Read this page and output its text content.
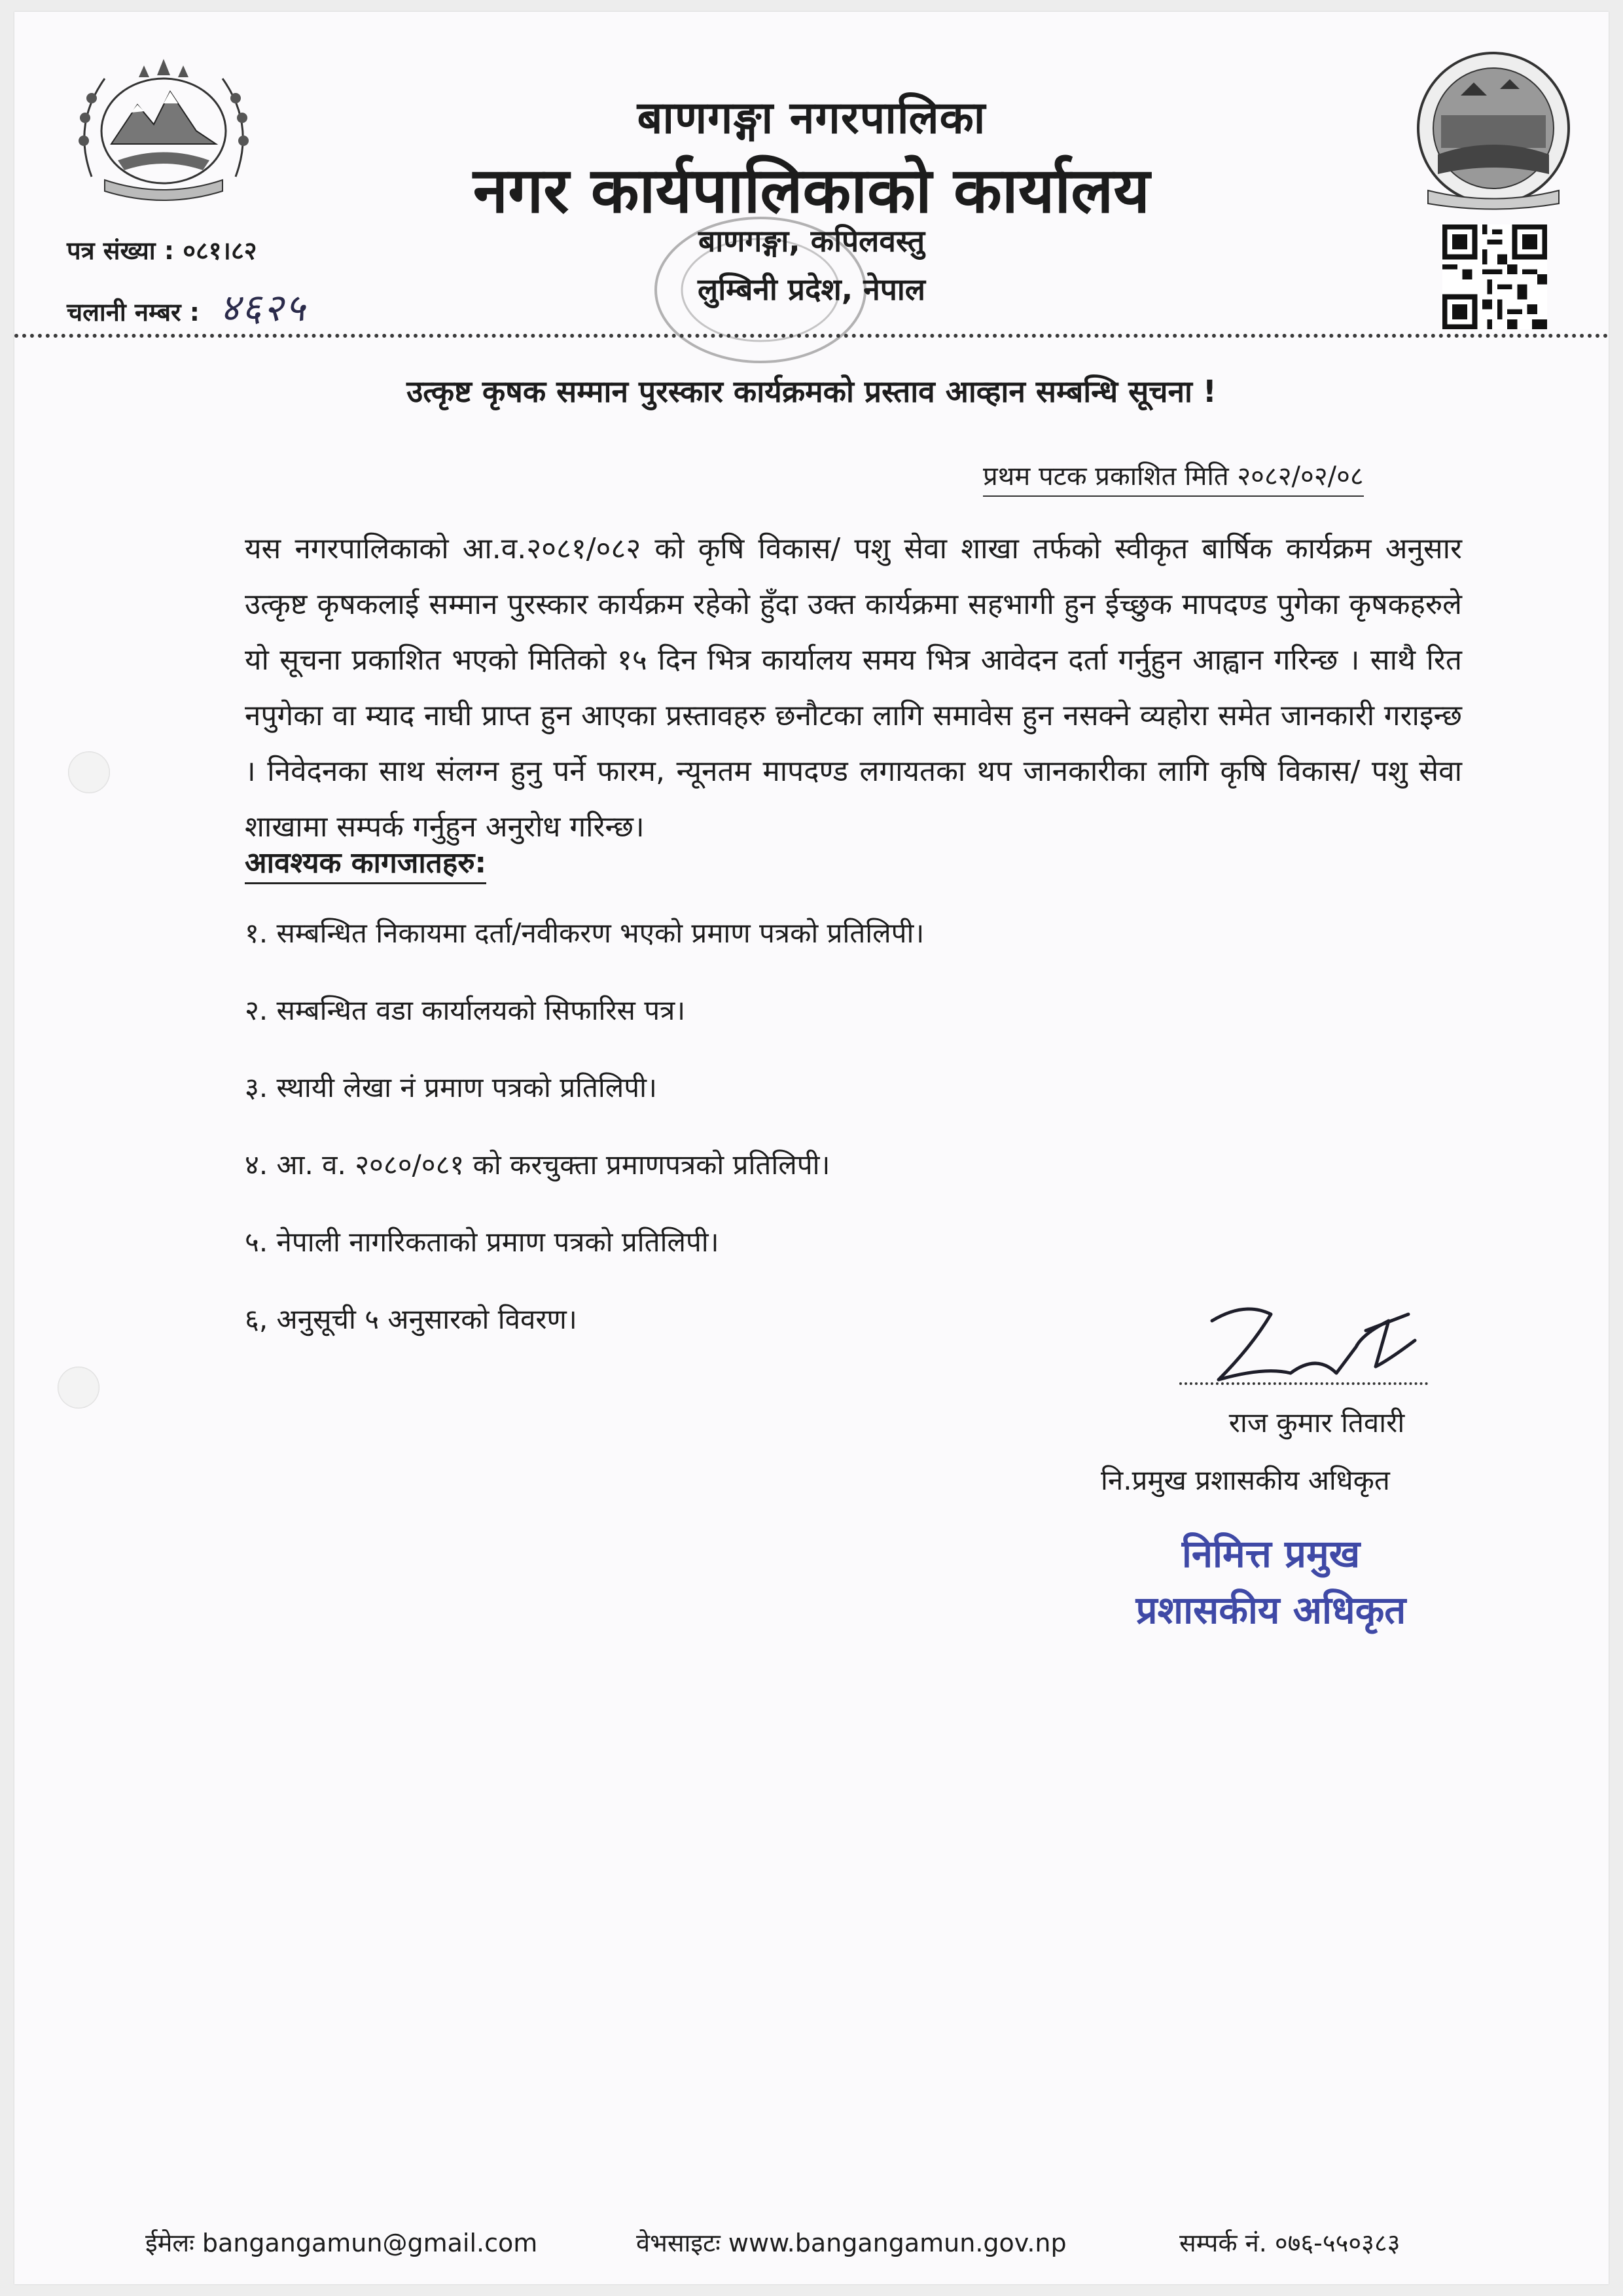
बाणगङ्गा नगरपालिका
नगर कार्यपालिकाको कार्यालय
बाणगङ्गा, कपिलवस्तु
लुम्बिनी प्रदेश, नेपाल
पत्र संख्या : ०८१।८२
चलानी नम्बर : ४६२५
उत्कृष्ट कृषक सम्मान पुरस्कार कार्यक्रमको प्रस्ताव आव्हान सम्बन्धि सूचना !
प्रथम पटक प्रकाशित मिति २०८२/०२/०८
यस नगरपालिकाको आ.व.२०८१/०८२ को कृषि विकास/ पशु सेवा शाखा तर्फको स्वीकृत बार्षिक कार्यक्रम अनुसार उत्कृष्ट कृषकलाई सम्मान पुरस्कार कार्यक्रम रहेको हुँदा उक्त कार्यक्रमा सहभागी हुन ईच्छुक मापदण्ड पुगेका कृषकहरुले यो सूचना प्रकाशित भएको मितिको १५ दिन भित्र कार्यालय समय भित्र आवेदन दर्ता गर्नुहुन आह्वान गरिन्छ । साथै रित नपुगेका वा म्याद नाघी प्राप्त हुन आएका प्रस्तावहरु छनौटका लागि समावेस हुन नसक्ने व्यहोरा समेत जानकारी गराइन्छ । निवेदनका साथ संलग्न हुनु पर्ने फारम, न्यूनतम मापदण्ड लगायतका थप जानकारीका लागि कृषि विकास/ पशु सेवा शाखामा सम्पर्क गर्नुहुन अनुरोध गरिन्छ।
आवश्यक कागजातहरु:
१. सम्बन्धित निकायमा दर्ता/नवीकरण भएको प्रमाण पत्रको प्रतिलिपी।
२. सम्बन्धित वडा कार्यालयको सिफारिस पत्र।
३. स्थायी लेखा नं प्रमाण पत्रको प्रतिलिपी।
४. आ. व. २०८०/०८१ को करचुक्ता प्रमाणपत्रको प्रतिलिपी।
५. नेपाली नागरिकताको प्रमाण पत्रको प्रतिलिपी।
६, अनुसूची ५ अनुसारको विवरण।
राज कुमार तिवारी
नि.प्रमुख प्रशासकीय अधिकृत
निमित्त प्रमुख
प्रशासकीय अधिकृत
ईमेलः bangangamun@gmail.com	वेभसाइटः www.bangangamun.gov.np	सम्पर्क नं. ०७६-५५०३८३
